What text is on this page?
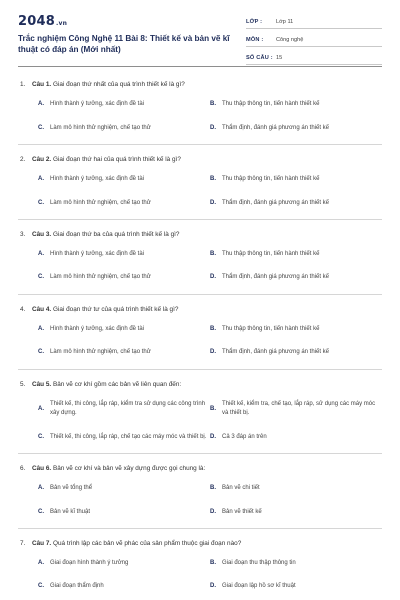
2048.vn
Trắc nghiệm Công Nghệ 11 Bài 8: Thiết kế và bản vẽ kĩ thuật có đáp án (Mới nhất)
LỚP :	Lớp 11
MÔN :	Công nghệ
SỐ CÂU : 15
1.	Câu 1. Giai đoạn thứ nhất của quá trình thiết kế là gì?
A.	Hình thành ý tưởng, xác định đề tài	B.	Thu thập thông tin, tiến hành thiết kế
C.	Làm mô hình thử nghiệm, chế tạo thử	D.	Thẩm định, đánh giá phương án thiết kế
2.	Câu 2. Giai đoạn thứ hai của quá trình thiết kế là gì?
A.	Hình thành ý tưởng, xác định đề tài	B.	Thu thập thông tin, tiến hành thiết kế
C.	Làm mô hình thử nghiệm, chế tạo thử	D.	Thẩm định, đánh giá phương án thiết kế
3.	Câu 3. Giai đoạn thứ ba của quá trình thiết kế là gì?
A.	Hình thành ý tưởng, xác định đề tài	B.	Thu thập thông tin, tiến hành thiết kế
C.	Làm mô hình thử nghiệm, chế tạo thử	D.	Thẩm định, đánh giá phương án thiết kế
4.	Câu 4. Giai đoạn thứ tư của quá trình thiết kế là gì?
A.	Hình thành ý tưởng, xác định đề tài	B.	Thu thập thông tin, tiến hành thiết kế
C.	Làm mô hình thử nghiệm, chế tạo thử	D.	Thẩm định, đánh giá phương án thiết kế
5.	Câu 5. Bản vẽ cơ khí gồm các bản vẽ liên quan đến:
A.
Thiết kế, thi công, lắp ráp, kiểm tra sử dụng các công trình xây dựng.
B.
Thiết kế, kiểm tra, chế tạo, lắp ráp, sử dụng các máy móc và thiết bị.
C.	Thiết kế, thi công, lắp ráp, chế tạo các máy móc và thiết bị. D.	Cả 3 đáp án trên
6.	Câu 6. Bản vẽ cơ khí và bản vẽ xây dựng được gọi chung là:
A.	Bản vẽ tổng thể	B.	Bản vẽ chi tiết
C.	Bản vẽ kĩ thuật	D.	Bản vẽ thiết kế
7.	Câu 7. Quá trình lập các bản vẽ phác của sản phẩm thuộc giai đoạn nào?
A.	Giai đoạn hình thành ý tưởng	B.	Giai đoạn thu thập thông tin
C.	Giai đoạn thẩm định	D.	Giai đoạn lập hồ sơ kĩ thuật
